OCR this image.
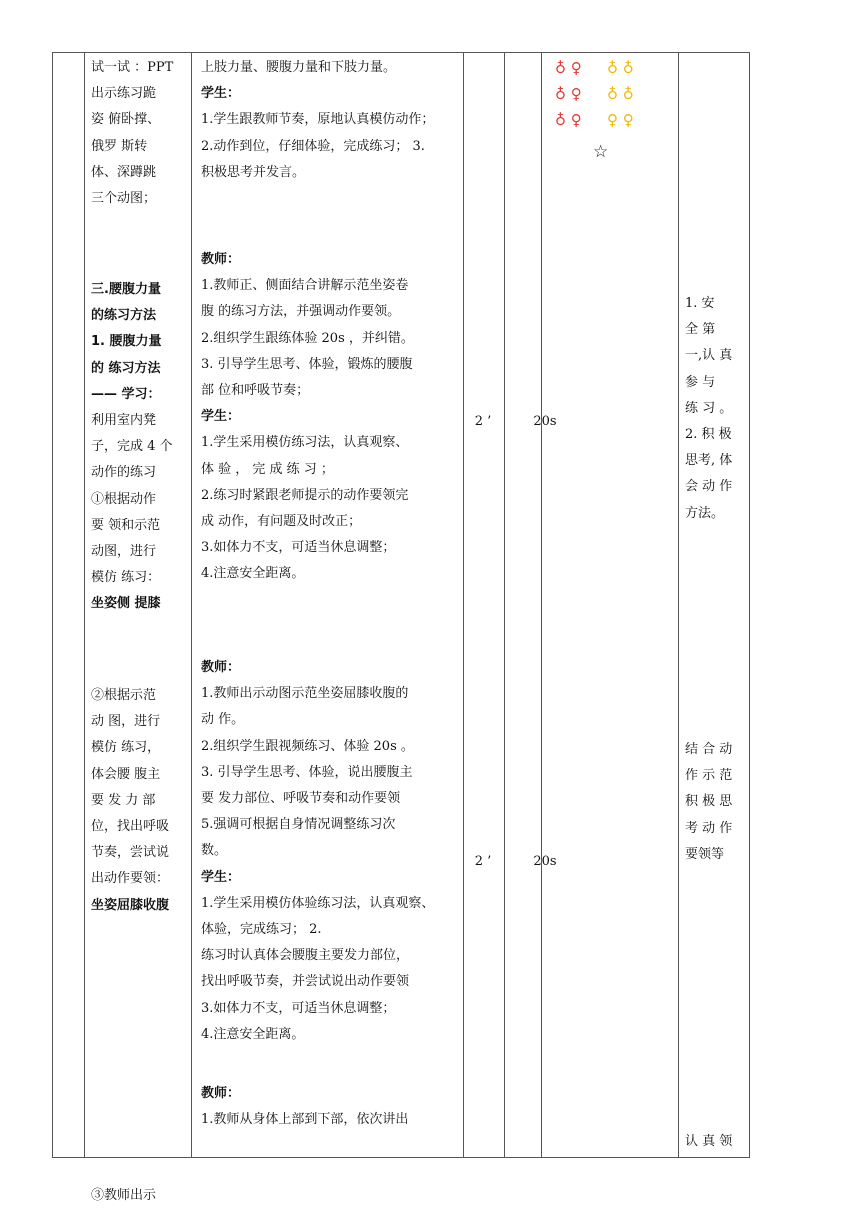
试一试 ：PPT
出示练习跪
姿 俯卧撑、
俄罗 斯转
体、深蹲跳
三个动图；
三.腰腹力量
的练习方法
1. 腰腹力量
的 练习方法
—— 学习：
利用室内凳
子，完成 4 个
动作的练习
①根据动作
要 领和示范
动图，进行
模仿 练习：
坐姿侧 提膝
②根据示范
动 图，进行
模仿 练习，
体会腰 腹主
要 发 力 部
位，找出呼吸
节奏，尝试说
出动作要领：
坐姿屈膝收腹
③教师出示
上肢力量、腰腹力量和下肢力量。
学生：
1.学生跟教师节奏，原地认真模仿动作；
2.动作到位，仔细体验，完成练习； 3.
积极思考并发言。
教师：
1.教师正、侧面结合讲解示范坐姿卷
腹 的练习方法，并强调动作要领。
2.组织学生跟练体验 20s ，并纠错。
3. 引导学生思考、体验，锻炼的腰腹
部 位和呼吸节奏；
学生：
1.学生采用模仿练习法，认真观察、
体 验 ， 完 成 练 习 ；
2.练习时紧跟老师提示的动作要领完
成 动作，有问题及时改正；
3.如体力不支，可适当休息调整；
4.注意安全距离。
教师：
1.教师出示动图示范坐姿屈膝收腹的
动 作。
2.组织学生跟视频练习、体验 20s 。
3. 引导学生思考、体验，说出腰腹主
要 发力部位、呼吸节奏和动作要领
5.强调可根据自身情况调整练习次
数。
学生：
1.学生采用模仿体验练习法，认真观察、
体验，完成练习； 2.
练习时认真体会腰腹主要发力部位，
找出呼吸节奏，并尝试说出动作要领
3.如体力不支，可适当休息调整；
4.注意安全距离。
教师：
1.教师从身体上部到下部，依次讲出
2 ’
2 ’
20s
20s
♁ ♀ ♁ ♁
♁ ♀ ♁ ♁
♁ ♀ ♀ ♀
☆
1. 安
全 第
一,认 真
参 与
练 习 。
2. 积 极
思考, 体
会 动 作
方法。
结 合 动
作 示 范
积 极 思
考 动 作
要领等
认 真 领
